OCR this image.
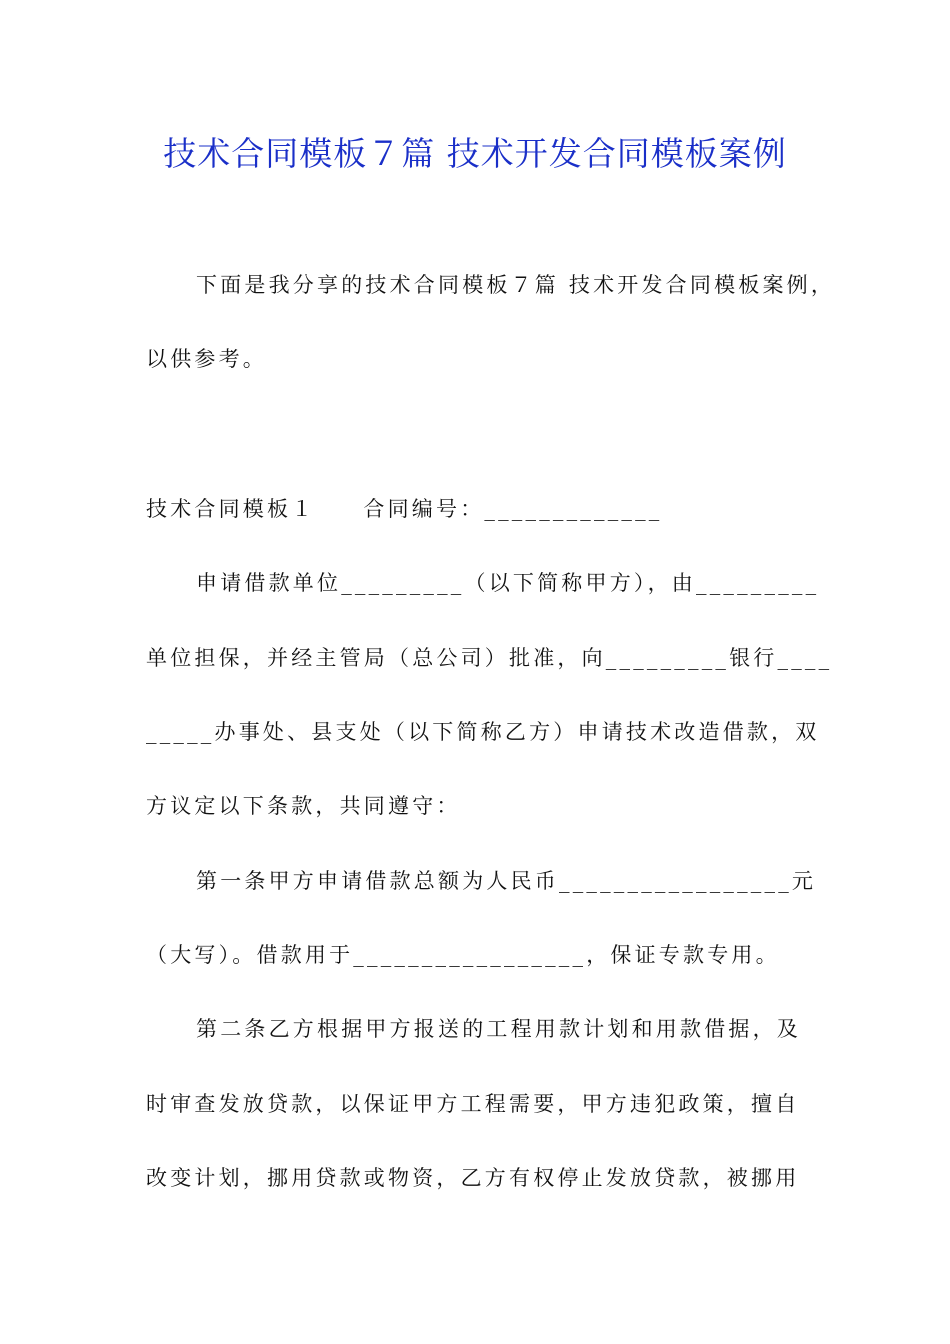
技术合同模板７篇 技术开发合同模板案例
下面是我分享的技术合同模板７篇 技术开发合同模板案例，
以供参考。
技术合同模板１ 合同编号：_____________
申请借款单位_________（以下简称甲方），由_________
单位担保，并经主管局（总公司）批准，向_________银行____
_____办事处、县支处（以下简称乙方）申请技术改造借款，双
方议定以下条款，共同遵守：
第一条甲方申请借款总额为人民币_________________元
（大写）。借款用于_________________，保证专款专用。
第二条乙方根据甲方报送的工程用款计划和用款借据，及
时审查发放贷款，以保证甲方工程需要，甲方违犯政策，擅自
改变计划，挪用贷款或物资，乙方有权停止发放贷款，被挪用
